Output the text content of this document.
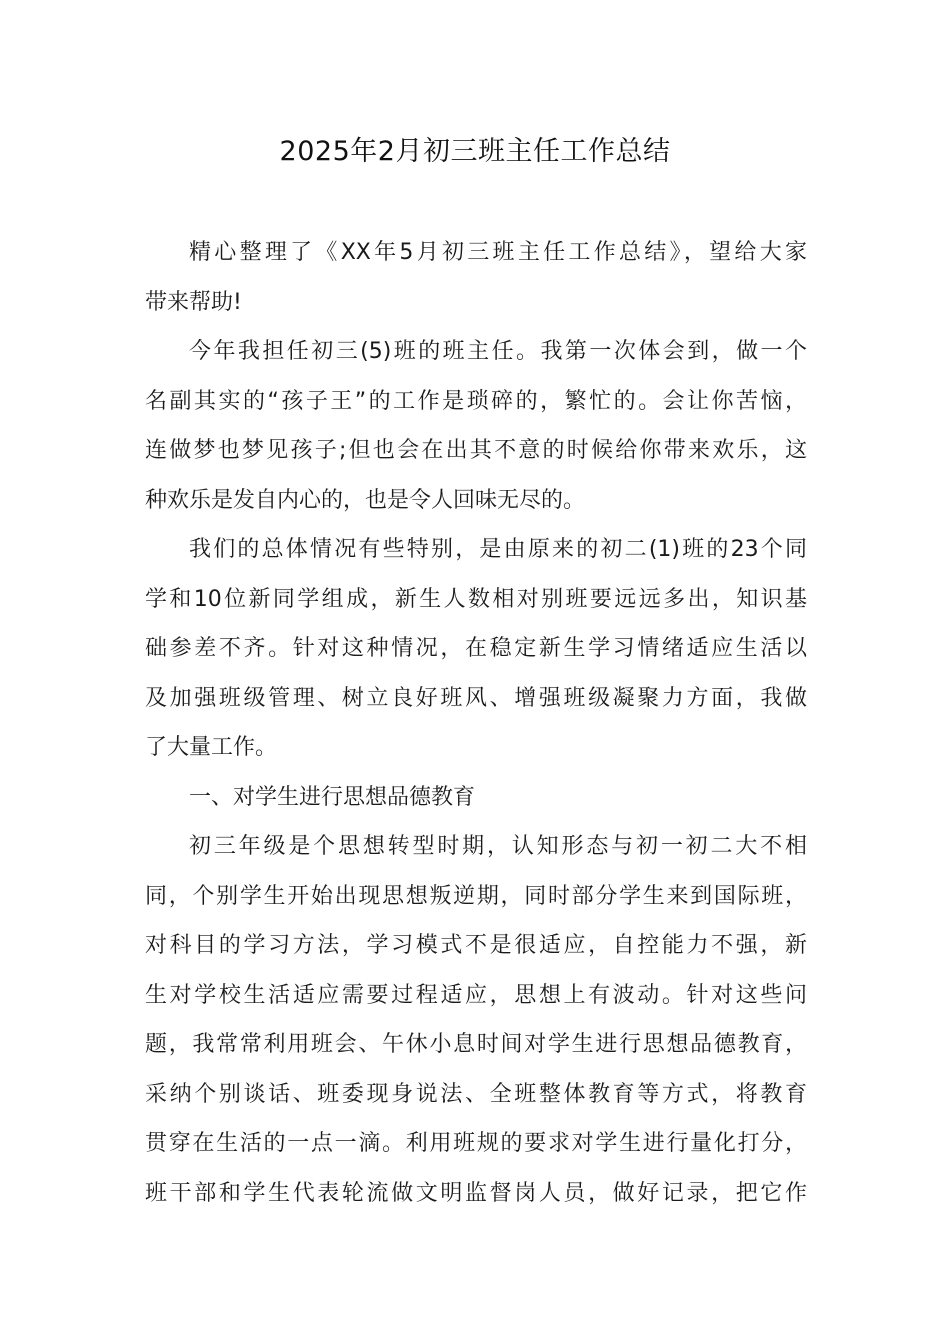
2025年2月初三班主任工作总结
精心整理了《XX年5月初三班主任工作总结》，望给大家
带来帮助!
今年我担任初三(5)班的班主任。我第一次体会到，做一个
名副其实的“孩子王”的工作是琐碎的，繁忙的。会让你苦恼，
连做梦也梦见孩子;但也会在出其不意的时候给你带来欢乐，这
种欢乐是发自内心的，也是令人回味无尽的。
我们的总体情况有些特别，是由原来的初二(1)班的23个同
学和10位新同学组成，新生人数相对别班要远远多出，知识基
础参差不齐。针对这种情况，在稳定新生学习情绪适应生活以
及加强班级管理、树立良好班风、增强班级凝聚力方面，我做
了大量工作。
一、对学生进行思想品德教育
初三年级是个思想转型时期，认知形态与初一初二大不相
同，个别学生开始出现思想叛逆期，同时部分学生来到国际班，
对科目的学习方法，学习模式不是很适应，自控能力不强，新
生对学校生活适应需要过程适应，思想上有波动。针对这些问
题，我常常利用班会、午休小息时间对学生进行思想品德教育，
采纳个别谈话、班委现身说法、全班整体教育等方式，将教育
贯穿在生活的一点一滴。利用班规的要求对学生进行量化打分，
班干部和学生代表轮流做文明监督岗人员，做好记录，把它作
